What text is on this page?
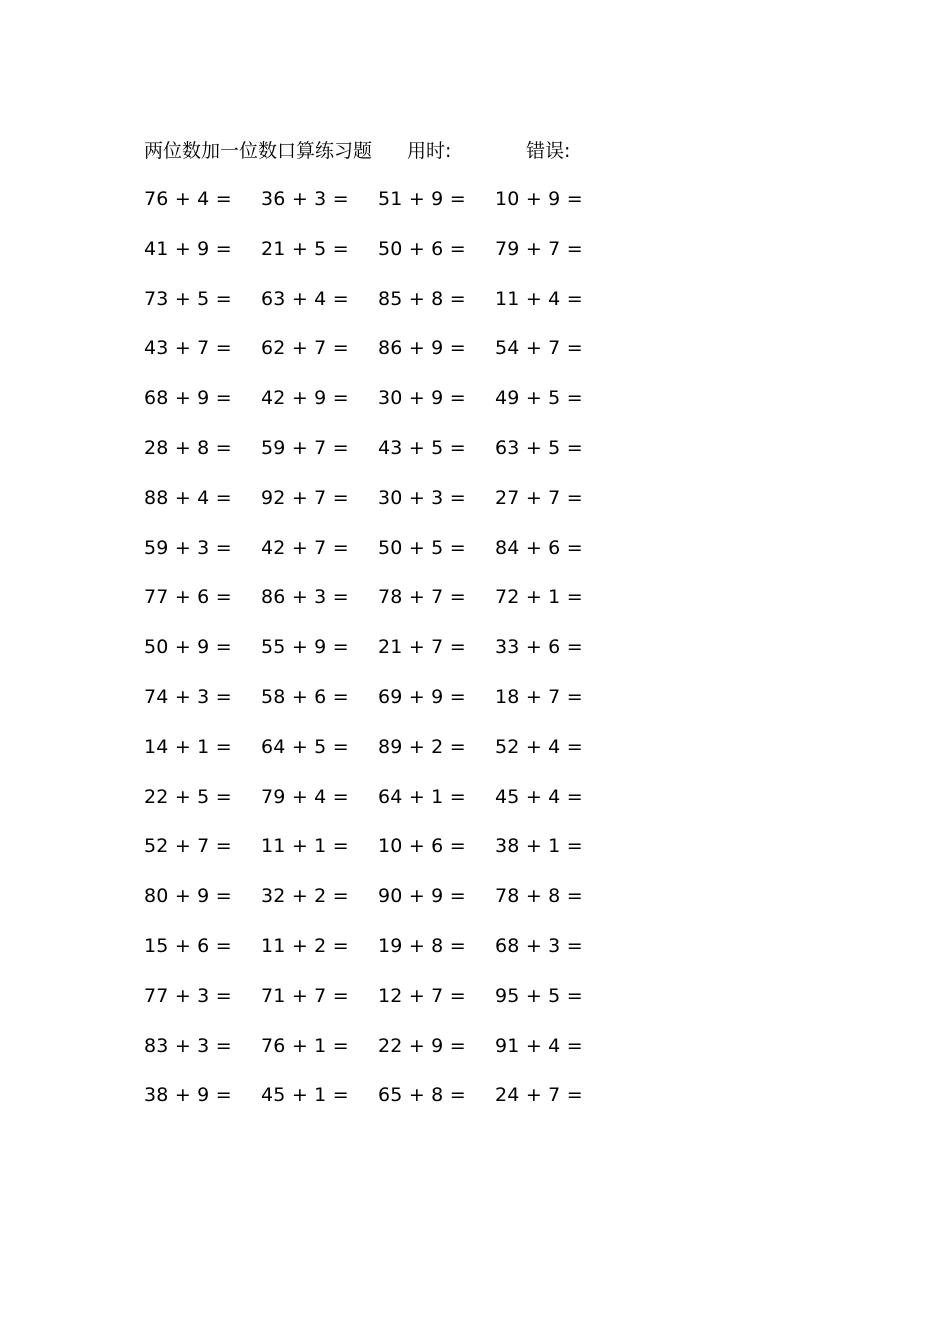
两位数加一位数口算练习题 用时:	错误:
76 + 4 = 36 + 3 = 51 + 9 = 10 + 9 =
41 + 9 = 21 + 5 = 50 + 6 = 79 + 7 =
73 + 5 = 63 + 4 = 85 + 8 = 11 + 4 =
43 + 7 = 62 + 7 = 86 + 9 = 54 + 7 =
68 + 9 = 42 + 9 = 30 + 9 = 49 + 5 =
28 + 8 = 59 + 7 = 43 + 5 = 63 + 5 =
88 + 4 = 92 + 7 = 30 + 3 = 27 + 7 =
59 + 3 = 42 + 7 = 50 + 5 = 84 + 6 =
77 + 6 = 86 + 3 = 78 + 7 = 72 + 1 =
50 + 9 = 55 + 9 = 21 + 7 = 33 + 6 =
74 + 3 = 58 + 6 = 69 + 9 = 18 + 7 =
14 + 1 = 64 + 5 = 89 + 2 = 52 + 4 =
22 + 5 = 79 + 4 = 64 + 1 = 45 + 4 =
52 + 7 = 11 + 1 = 10 + 6 = 38 + 1 =
80 + 9 = 32 + 2 = 90 + 9 = 78 + 8 =
15 + 6 = 11 + 2 = 19 + 8 = 68 + 3 =
77 + 3 = 71 + 7 = 12 + 7 = 95 + 5 =
83 + 3 = 76 + 1 = 22 + 9 = 91 + 4 =
38 + 9 = 45 + 1 = 65 + 8 = 24 + 7 =
